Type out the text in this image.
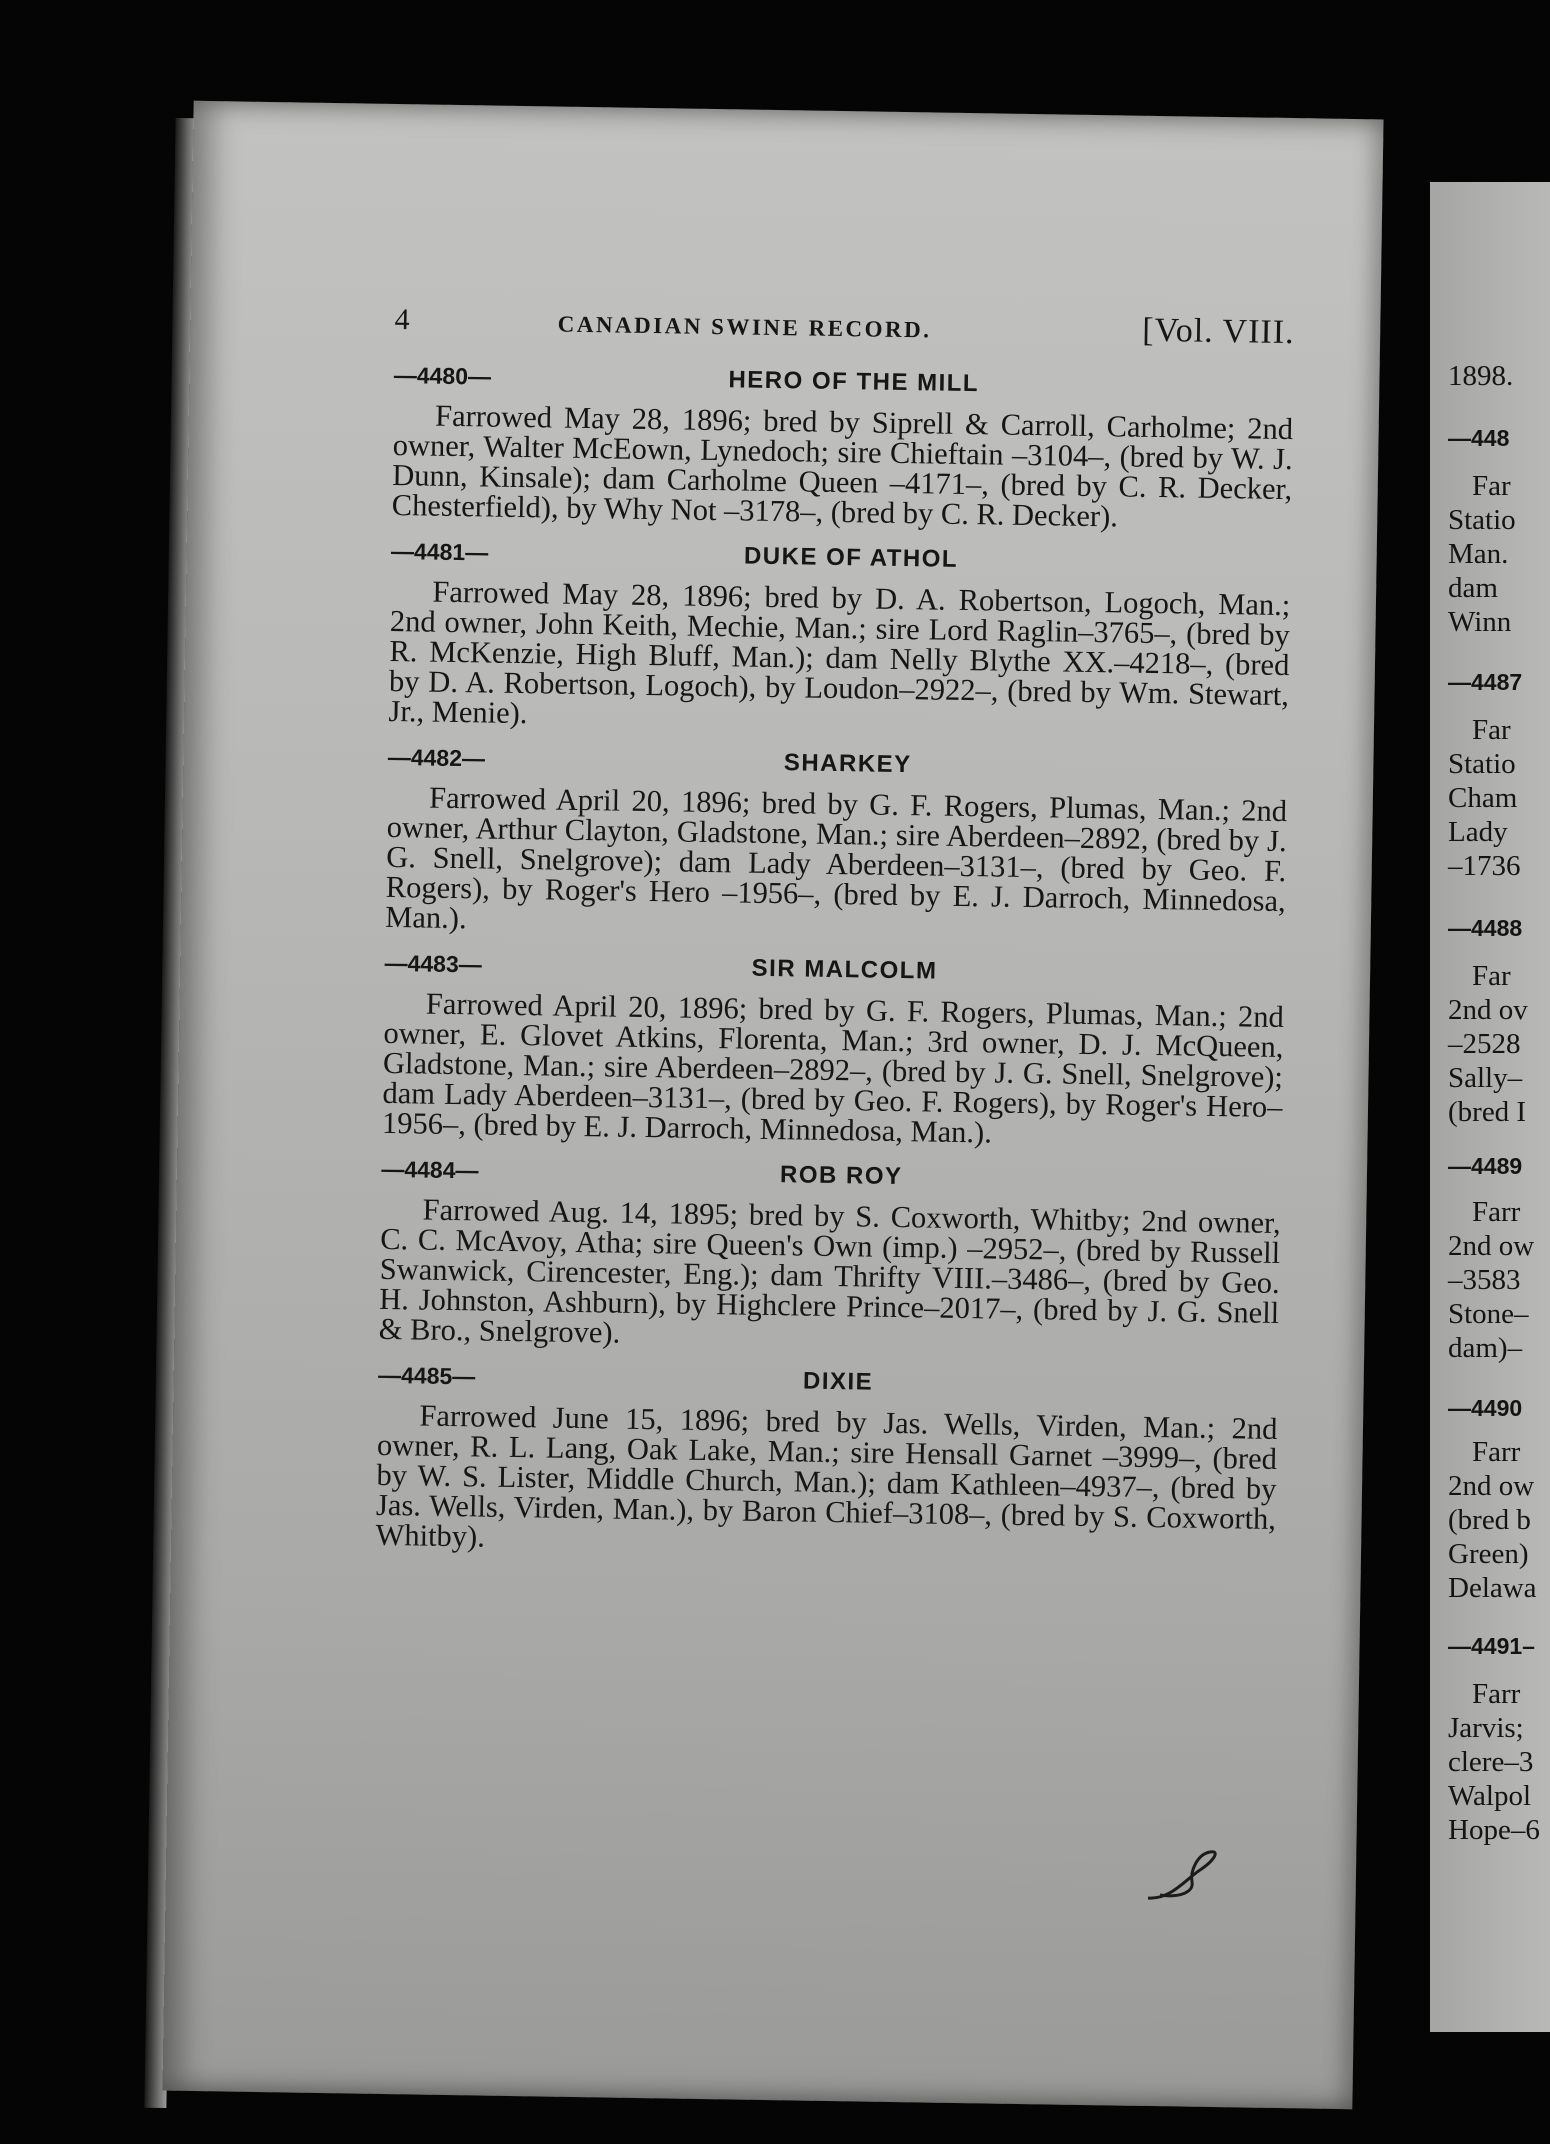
1898.
—448
Far
Statio
Man.
dam
Winn
—4487
Far
Statio
Cham
Lady
–1736
—4488
Far
2nd ov
–2528
Sally–
(bred I
—4489
Farr
2nd ow
–3583
Stone–
dam)–
—4490
Farr
2nd ow
(bred b
Green)
Delawa
—4491–
Farr
Jarvis;
clere–3
Walpol
Hope–6
4	CANADIAN SWINE RECORD.	[Vol. VIII.
—4480—	HERO OF THE MILL
Farrowed May 28, 1896; bred by Siprell & Carroll, Carholme; 2nd owner, Walter McEown, Lynedoch; sire Chieftain –3104–, (bred by W. J. Dunn, Kinsale); dam Carholme Queen –4171–, (bred by C. R. Decker, Chesterfield), by Why Not –3178–, (bred by C. R. Decker).
—4481—	DUKE OF ATHOL
Farrowed May 28, 1896; bred by D. A. Robertson, Logoch, Man.; 2nd owner, John Keith, Mechie, Man.; sire Lord Raglin–3765–, (bred by R. McKenzie, High Bluff, Man.); dam Nelly Blythe XX.–4218–, (bred by D. A. Robertson, Logoch), by Loudon–2922–, (bred by Wm. Stewart, Jr., Menie).
—4482—	SHARKEY
Farrowed April 20, 1896; bred by G. F. Rogers, Plumas, Man.; 2nd owner, Arthur Clayton, Gladstone, Man.; sire Aberdeen–2892, (bred by J. G. Snell, Snelgrove); dam Lady Aberdeen–3131–, (bred by Geo. F. Rogers), by Roger's Hero –1956–, (bred by E. J. Darroch, Minnedosa, Man.).
—4483—	SIR MALCOLM
Farrowed April 20, 1896; bred by G. F. Rogers, Plumas, Man.; 2nd owner, E. Glovet Atkins, Florenta, Man.; 3rd owner, D. J. McQueen, Gladstone, Man.; sire Aberdeen–2892–, (bred by J. G. Snell, Snelgrove); dam Lady Aberdeen–3131–, (bred by Geo. F. Rogers), by Roger's Hero–1956–, (bred by E. J. Darroch, Minnedosa, Man.).
—4484—	ROB ROY
Farrowed Aug. 14, 1895; bred by S. Coxworth, Whitby; 2nd owner, C. C. McAvoy, Atha; sire Queen's Own (imp.) –2952–, (bred by Russell Swanwick, Cirencester, Eng.); dam Thrifty VIII.–3486–, (bred by Geo. H. Johnston, Ashburn), by Highclere Prince–2017–, (bred by J. G. Snell & Bro., Snelgrove).
—4485—	DIXIE
Farrowed June 15, 1896; bred by Jas. Wells, Virden, Man.; 2nd owner, R. L. Lang, Oak Lake, Man.; sire Hensall Garnet –3999–, (bred by W. S. Lister, Middle Church, Man.); dam Kathleen–4937–, (bred by Jas. Wells, Virden, Man.), by Baron Chief–3108–, (bred by S. Coxworth, Whitby).
